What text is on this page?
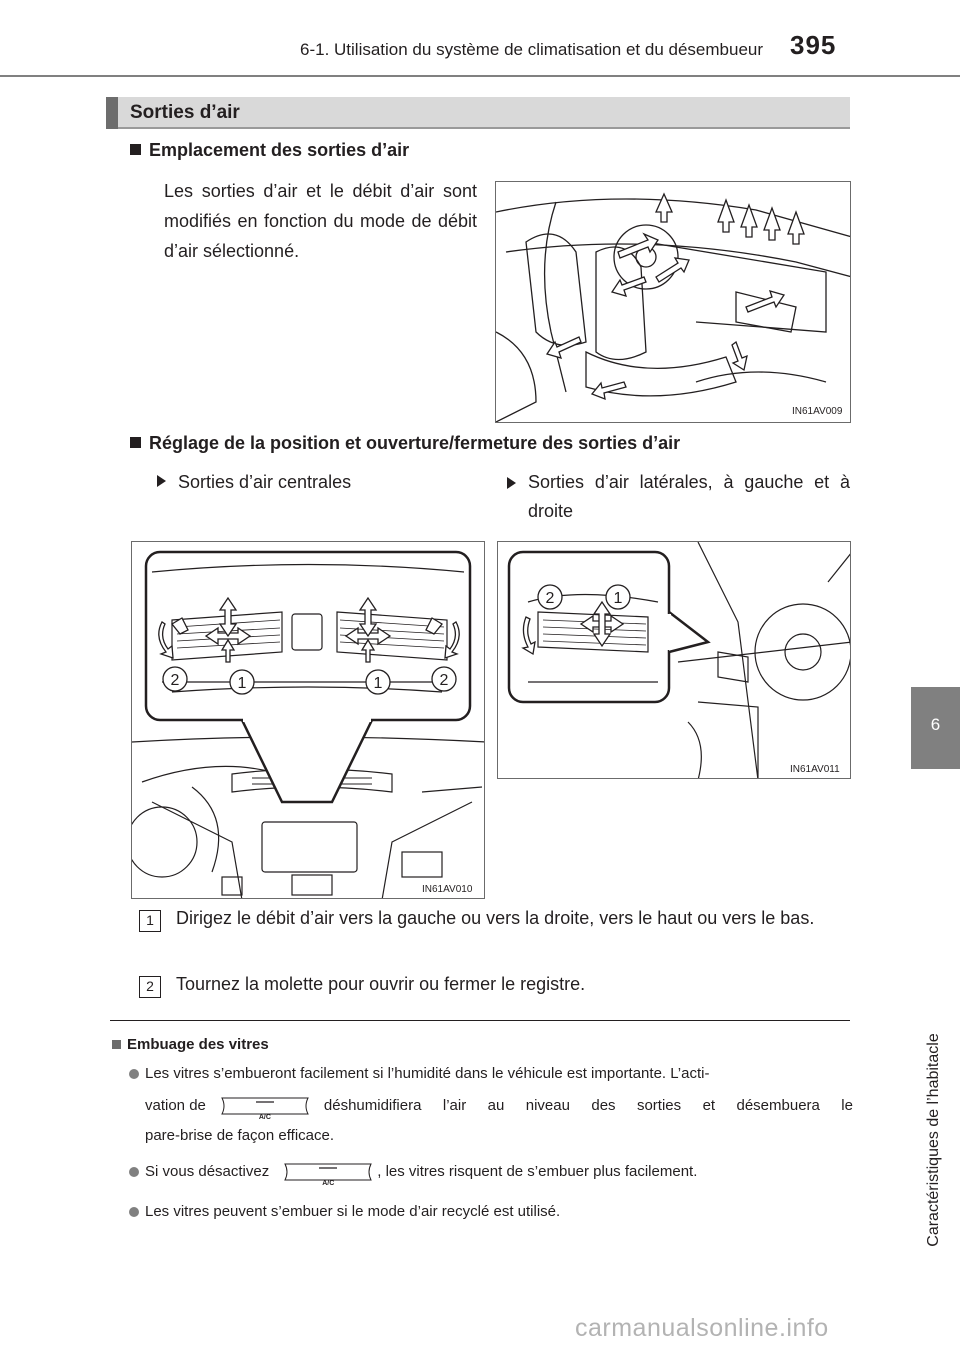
6-1. Utilisation du système de climatisation et du désembueur 395
6
Caractéristiques de l’habitacle
Sorties d’air
Emplacement des sorties d’air
Les sorties d’air et le débit d’air sont modifiés en fonction du mode de débit d’air sélectionné.
IN61AV009
Réglage de la position et ouverture/fermeture des sorties d’air
Sorties d’air centrales	Sorties d’air latérales, à gauche et à droite
2	1	1	2
IN61AV010
2	1
IN61AV011
1	Dirigez le débit d’air vers la gauche ou vers la droite, vers le haut ou vers le bas.
2	Tournez la molette pour ouvrir ou fermer le registre.
Embuage des vitres
Les vitres s’embueront facilement si l’humidité dans le véhicule est importante. L’acti-
vation de
A/C
déshumidifiera l’air au niveau des sorties et désembuera le
pare-brise de façon efficace.
Si vous désactivez
A/C
, les vitres risquent de s’embuer plus facilement.
Les vitres peuvent s’embuer si le mode d’air recyclé est utilisé.
carmanualsonline.info
